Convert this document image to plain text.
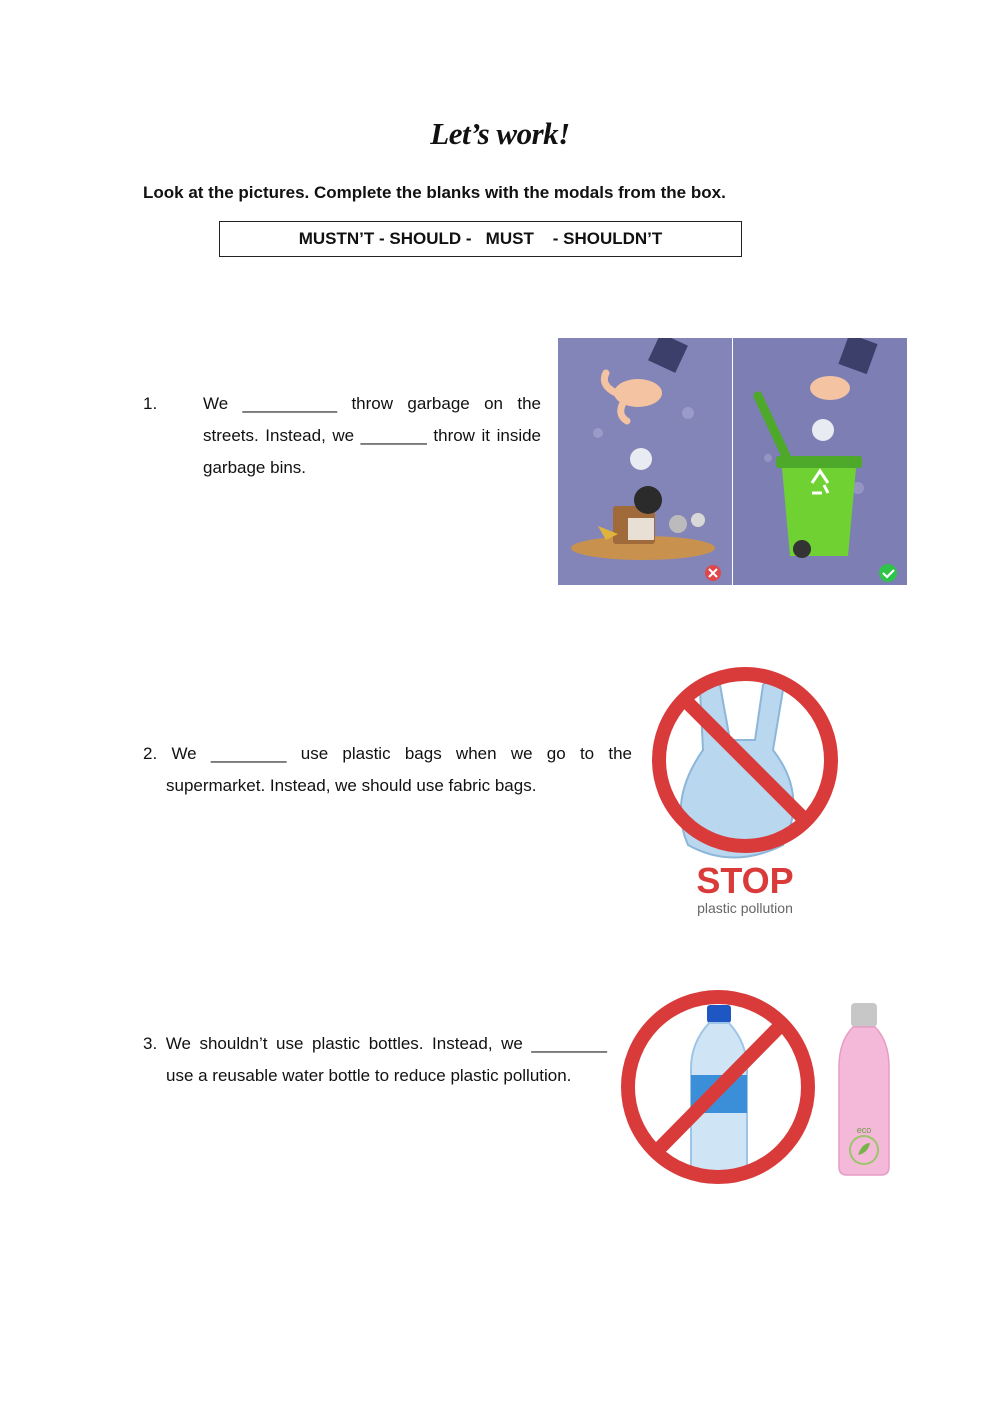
Let’s work!
Look at the pictures. Complete the blanks with the modals from the box.
MUSTN’T - SHOULD -   MUST    - SHOULDN’T
1.	We __________ throw garbage on the streets. Instead, we _______ throw it inside garbage bins.
2. We ________ use plastic bags when we go to the supermarket. Instead, we should use fabric bags.
3. We shouldn’t use plastic bottles. Instead, we ________ use a reusable water bottle to reduce plastic pollution.
STOP
plastic pollution
eco
